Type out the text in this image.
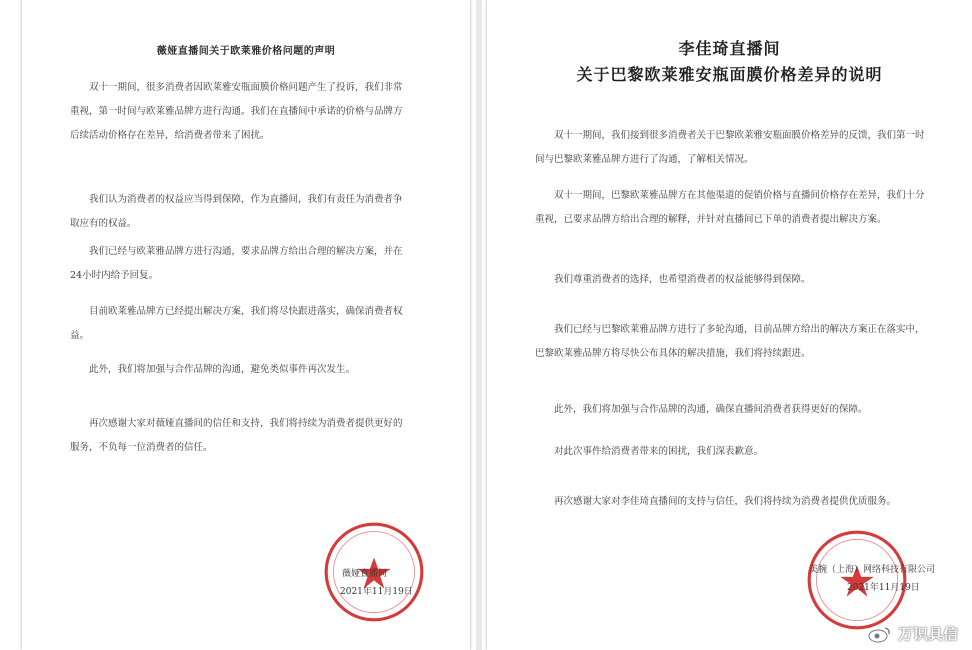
薇娅直播间关于欧莱雅价格问题的声明

双十一期间，很多消费者因欧莱雅安瓶面膜价格问题产生了投诉，我们非常重视，第一时间与欧莱雅品牌方进行沟通。我们在直播间中承诺的价格与品牌方后续活动价格存在差异，给消费者带来了困扰。

我们认为消费者的权益应当得到保障，作为直播间，我们有责任为消费者争取应有的权益。

我们已经与欧莱雅品牌方进行沟通，要求品牌方给出合理的解决方案，并在24小时内给予回复。

目前欧莱雅品牌方已经提出解决方案，我们将尽快跟进落实，确保消费者权益。

此外，我们将加强与合作品牌的沟通，避免类似事件再次发生。

再次感谢大家对薇娅直播间的信任和支持，我们将持续为消费者提供更好的服务，不负每一位消费者的信任。

薇娅直播间
2021年11月19日
李佳琦直播间
关于巴黎欧莱雅安瓶面膜价格差异的说明

双十一期间，我们接到很多消费者关于巴黎欧莱雅安瓶面膜价格差异的反馈，我们第一时间与巴黎欧莱雅品牌方进行了沟通，了解相关情况。

双十一期间，巴黎欧莱雅品牌方在其他渠道的促销价格与直播间价格存在差异，我们十分重视，已要求品牌方给出合理的解释，并针对直播间已下单的消费者提出解决方案。

我们尊重消费者的选择，也希望消费者的权益能够得到保障。

我们已经与巴黎欧莱雅品牌方进行了多轮沟通，目前品牌方给出的解决方案正在落实中，巴黎欧莱雅品牌方将尽快公布具体的解决措施，我们将持续跟进。

此外，我们将加强与合作品牌的沟通，确保直播间消费者获得更好的保障。

对此次事件给消费者带来的困扰，我们深表歉意。

再次感谢大家对李佳琦直播间的支持与信任，我们将持续为消费者提供优质服务。

美腕（上海）网络科技有限公司
2021年11月19日
万识具信
